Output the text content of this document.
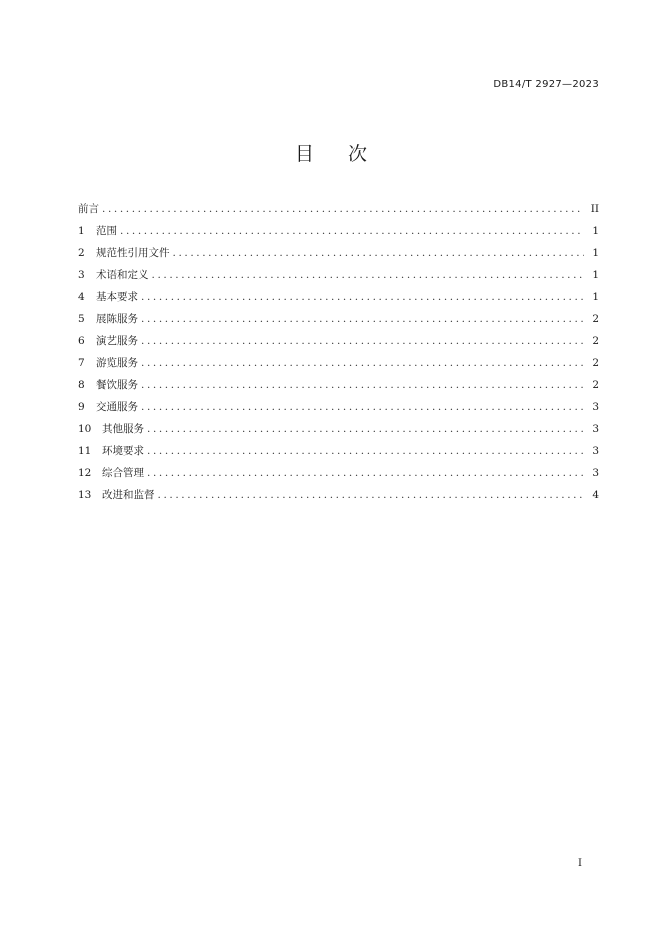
DB14/T 2927—2023
目 次
前言 .....	II
1	范围 .....	1
2	规范性引用文件 .....	1
3	术语和定义 .....	1
4	基本要求 .....	1
5	展陈服务 .....	2
6	演艺服务 .....	2
7	游览服务 .....	2
8	餐饮服务 .....	2
9	交通服务 .....	3
10	其他服务 .....	3
11	环境要求 .....	3
12	综合管理 .....	3
13	改进和监督 .....	4
I
